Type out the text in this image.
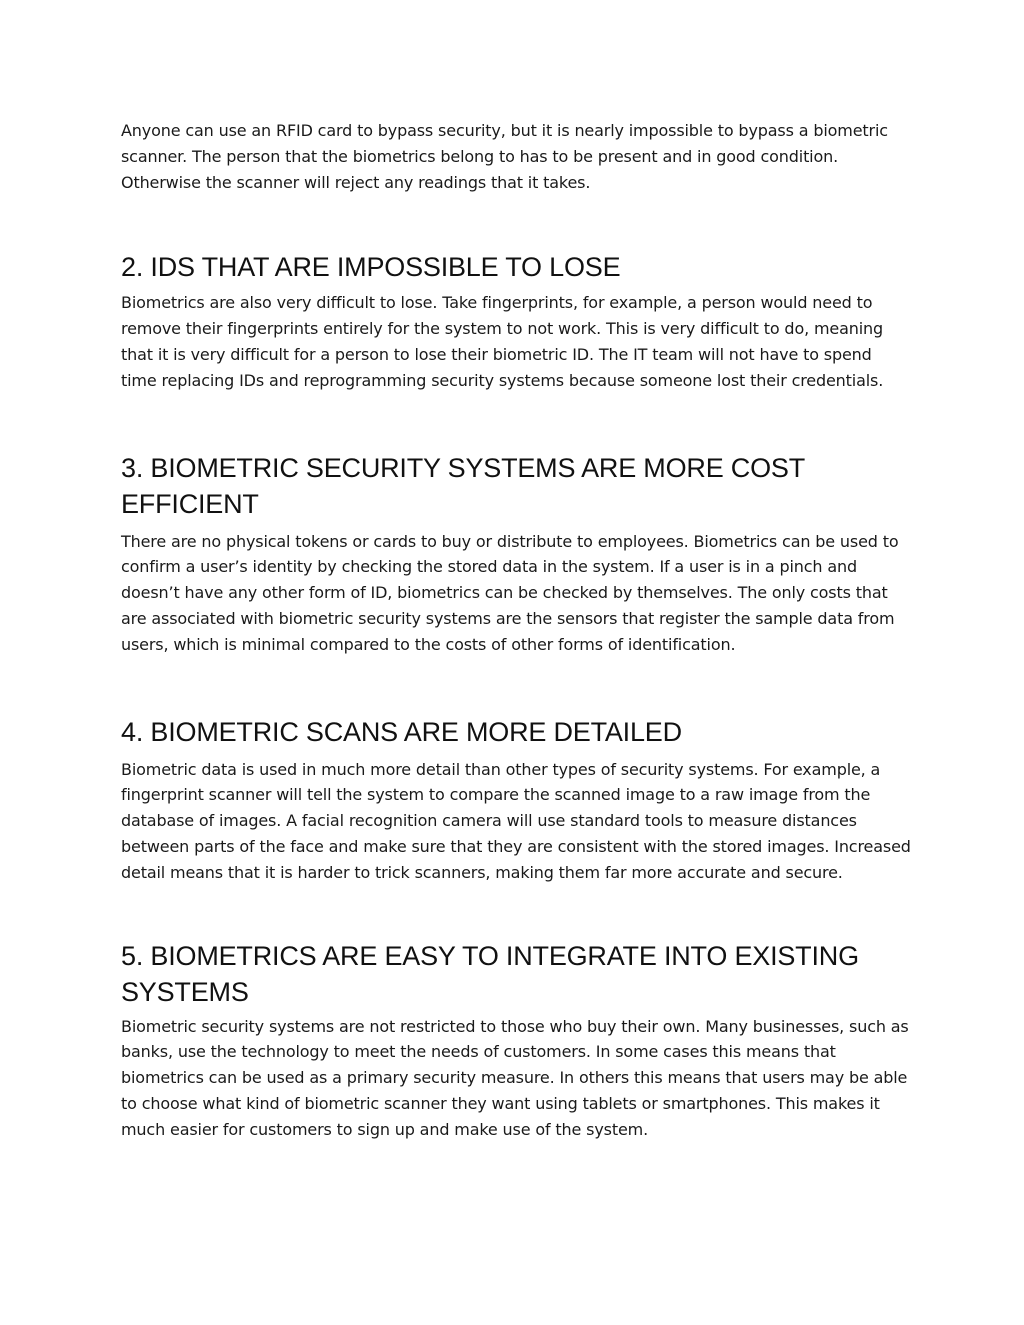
Anyone can use an RFID card to bypass security, but it is nearly impossible to bypass a biometric scanner. The person that the biometrics belong to has to be present and in good condition. Otherwise the scanner will reject any readings that it takes.

2. IDS THAT ARE IMPOSSIBLE TO LOSE

Biometrics are also very difficult to lose. Take fingerprints, for example, a person would need to remove their fingerprints entirely for the system to not work. This is very difficult to do, meaning that it is very difficult for a person to lose their biometric ID. The IT team will not have to spend time replacing IDs and reprogramming security systems because someone lost their credentials.

3. BIOMETRIC SECURITY SYSTEMS ARE MORE COST EFFICIENT

There are no physical tokens or cards to buy or distribute to employees. Biometrics can be used to confirm a user’s identity by checking the stored data in the system. If a user is in a pinch and doesn’t have any other form of ID, biometrics can be checked by themselves. The only costs that are associated with biometric security systems are the sensors that register the sample data from users, which is minimal compared to the costs of other forms of identification.

4. BIOMETRIC SCANS ARE MORE DETAILED

Biometric data is used in much more detail than other types of security systems. For example, a fingerprint scanner will tell the system to compare the scanned image to a raw image from the database of images. A facial recognition camera will use standard tools to measure distances between parts of the face and make sure that they are consistent with the stored images. Increased detail means that it is harder to trick scanners, making them far more accurate and secure.

5. BIOMETRICS ARE EASY TO INTEGRATE INTO EXISTING SYSTEMS

Biometric security systems are not restricted to those who buy their own. Many businesses, such as banks, use the technology to meet the needs of customers. In some cases this means that biometrics can be used as a primary security measure. In others this means that users may be able to choose what kind of biometric scanner they want using tablets or smartphones. This makes it much easier for customers to sign up and make use of the system.
